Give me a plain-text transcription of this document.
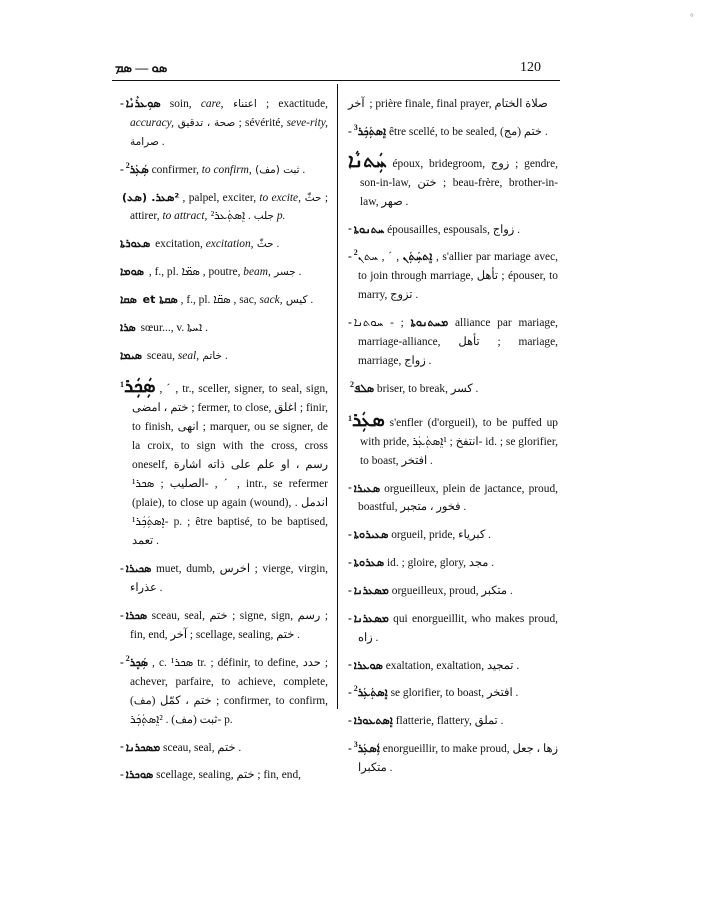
°
ܣܘ — ܣܡ	120
- ܣܘܼܥܪܵܢܵܐ soin, care, اعتناء ; exactitude, accuracy, صحة ، تدقيق ; sévérité, seve-rity, صرامة .
- $^2$ܣܲܥܲܪ confirmer, to confirm, (مف) ثبت .
(ܣܥ) .²ܣܥܪ , palpel, exciter, to excite, حثّ ; attirer, to attract, جلب . ܐܸܣܬܲܥܪ² p.
ܣܥܘܪܬܐ excitation, excitation, حثّ .
ܣܘܡܐ , f., pl. ܣܡ̈ܐ , poutre, beam, جسر .
ܣܩܐ et ܣܩܬܐ , f., pl. ܣܩ̈ܐ , sac, sack, كيس .
ܣܪܐ sœur..., v. ܐܚܬܐ .
ܣܝܡܐ sceau, seal, خاتم .
$^1$ܣܲܟܲܪ , ˊ , tr., sceller, signer, to seal, sign, ختم ، امضى ; fermer, to close, اغلق ; finir, to finish, انهى ; marquer, ou se signer, de la croix, to sign with the cross, cross oneself, رسم ، او علم على ذاته اشارة الصليب ; ܣܟܪ¹- , ˊ , intr., se refermer (plaie), to close up again (wound), اندمل . ܐܸܣܬܲܟܲܪ¹- p. ; être baptisé, to be baptised, تعمد .
- ܣܟܝܪܐ muet, dumb, اخرس ; vierge, virgin, عذراء .
- ܣܟܪܐ sceau, seal, ختم ; signe, sign, رسم ; fin, end, آخر ; scellage, sealing, ختم .
- $^2$ܣܲܟܸܪ , c. ¹ܣܟܪ tr. ; définir, to define, حدد ; achever, parfaire, to achieve, complete, ختم ، كمّل (مف) ; confirmer, to confirm, ثبت (مف) . ²ܐܸܣܬܲܟܲܪ- p.
- ܡܣܟܪܢܐ sceau, seal, ختم .
- ܣܘܟܪܐ scellage, sealing, ختم ; fin, end,
آخر ; prière finale, final prayer, صلاة الختام
- $^3$ܐܸܣܬܲܟܲܪ être scellé, to be sealed, (مج) ختم .
ܚܲܬܢܵܐ époux, bridegroom, زوج ; gendre, son-in-law, ختن ; beau-frère, brother-in-law, صهر .
- ܚܬܢܘܬܐ épousailles, espousals, زواج .
- $^2$	ܐܸܬܚܲܬܲܢ , ˊ , ܚܬܢ , s'allier par mariage avec, to join through marriage, تأهل ; épouser, to marry, تزوج .
-	ܡܚܬܢܘܬܐ ; - ܚܘܬܢܐ alliance par mariage, marriage-alliance, تأهل ; mariage, marriage, زواج .
$^2$ܣܠܦ briser, to break, كسر .
$^1$ܣܥܲܪ s'enfler (d'orgueil), to be puffed up with pride, انتفخ ; ¹ܐܸܣܬܲܥܲܪ- id. ; se glorifier, to boast, افتخر .
- ܣܥܝܪܐ orgueilleux, plein de jactance, proud, boastful, فخور ، متجبر .
- ܣܥܝܪܘܬܐ orgueil, pride, كبرياء .
- ܣܥܪܘܬܐ id. ; gloire, glory, مجد .
- ܡܣܥܪܢܐ orgueilleux, proud, متكبر .
- ܡܣܥܪܢܐ qui enorgueillit, who makes proud, زاه .
- ܣܘܥܪܐ exaltation, exaltation, تمجيد .
- $^2$ܐܸܣܬܲܥܲܪ se glorifier, to boast, افتخر .
- ܐܸܣܬܥܘܪܐ flatterie, flattery, تملق .
- $^3$ܐܲܣܥܲܪ enorgueillir, to make proud, زها ، جعل متكبرا .
